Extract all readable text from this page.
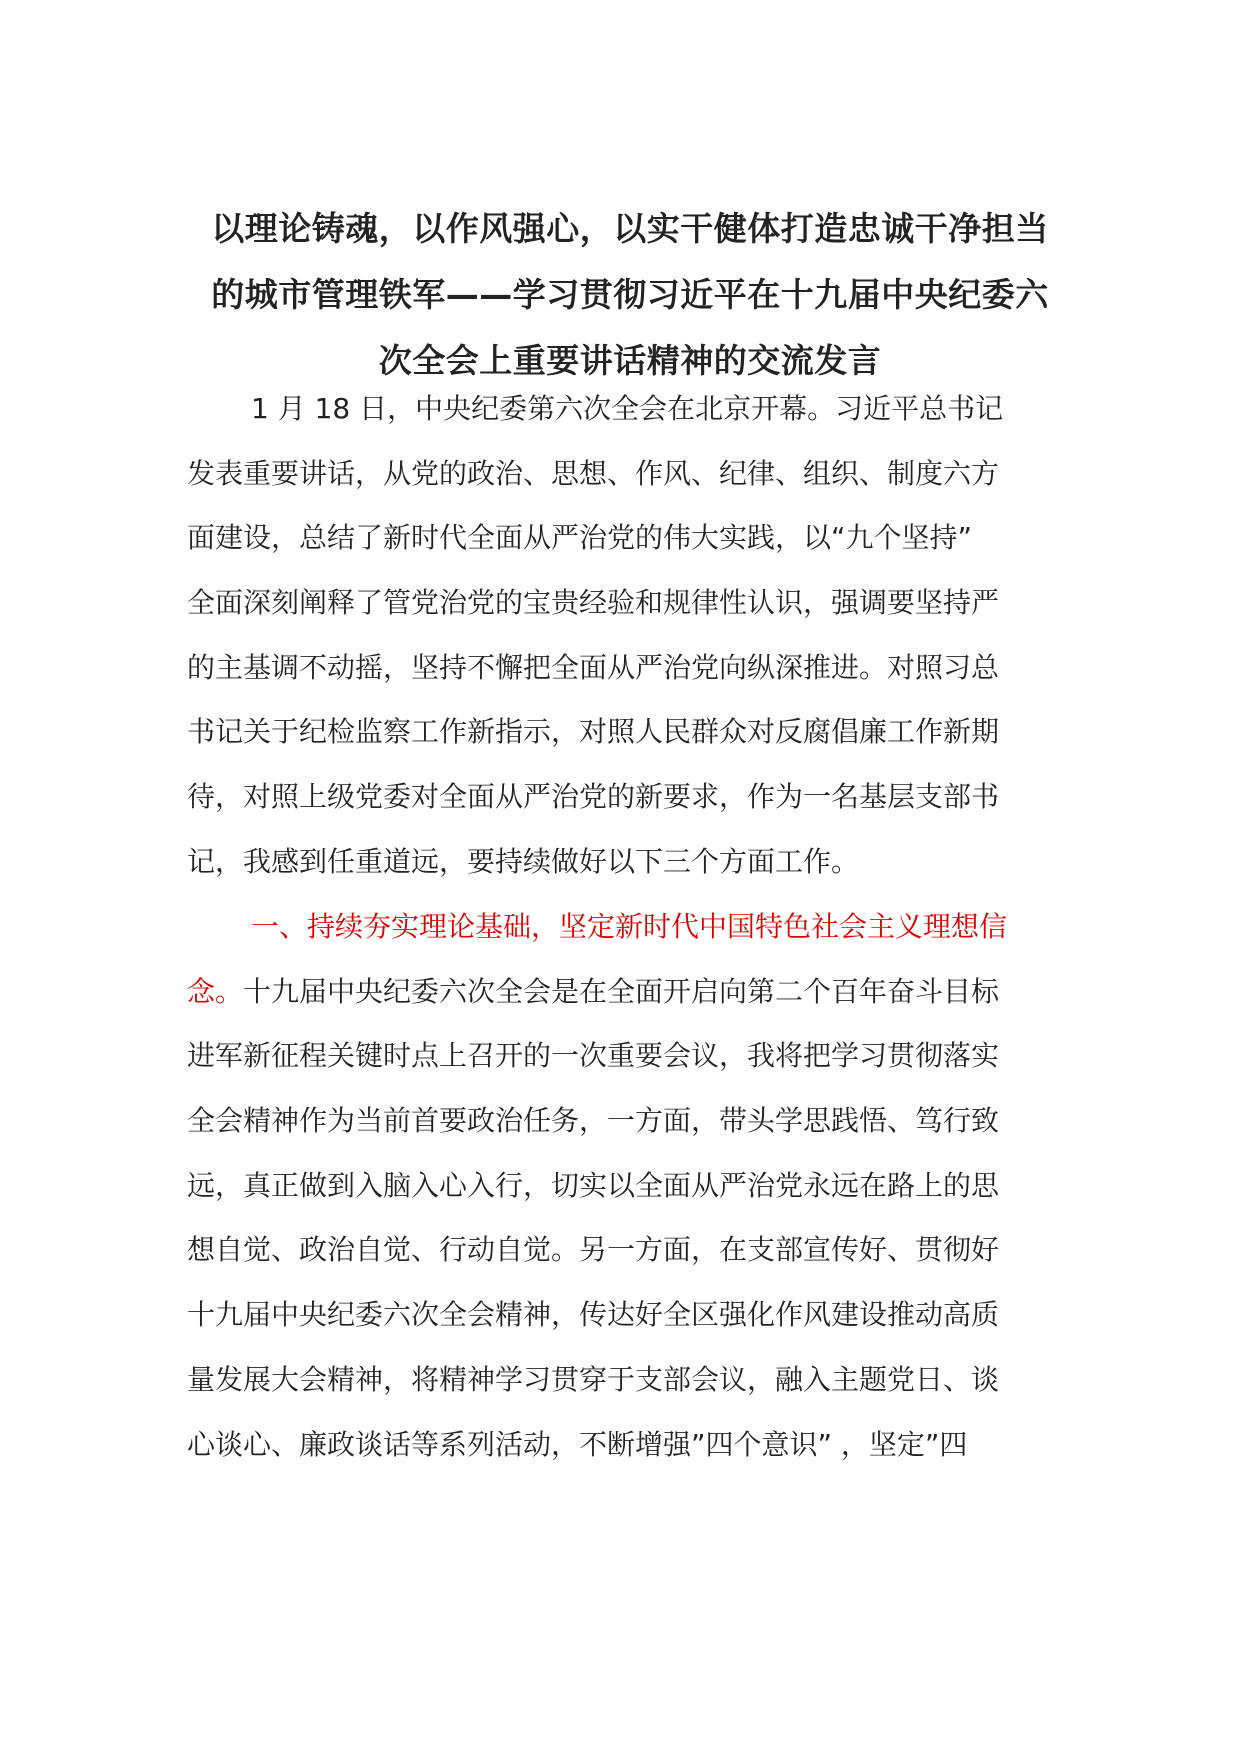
以理论铸魂，以作风强心，以实干健体打造忠诚干净担当
的城市管理铁军——学习贯彻习近平在十九届中央纪委六
次全会上重要讲话精神的交流发言
1 月 18 日，中央纪委第六次全会在北京开幕。习近平总书记
发表重要讲话，从党的政治、思想、作风、纪律、组织、制度六方
面建设，总结了新时代全面从严治党的伟大实践，以“九个坚持”
全面深刻阐释了管党治党的宝贵经验和规律性认识，强调要坚持严
的主基调不动摇，坚持不懈把全面从严治党向纵深推进。对照习总
书记关于纪检监察工作新指示，对照人民群众对反腐倡廉工作新期
待，对照上级党委对全面从严治党的新要求，作为一名基层支部书
记，我感到任重道远，要持续做好以下三个方面工作。
一、持续夯实理论基础，坚定新时代中国特色社会主义理想信
念。十九届中央纪委六次全会是在全面开启向第二个百年奋斗目标
进军新征程关键时点上召开的一次重要会议，我将把学习贯彻落实
全会精神作为当前首要政治任务，一方面，带头学思践悟、笃行致
远，真正做到入脑入心入行，切实以全面从严治党永远在路上的思
想自觉、政治自觉、行动自觉。另一方面，在支部宣传好、贯彻好
十九届中央纪委六次全会精神，传达好全区强化作风建设推动高质
量发展大会精神，将精神学习贯穿于支部会议，融入主题党日、谈
心谈心、廉政谈话等系列活动，不断增强”四个意识” ，坚定”四
